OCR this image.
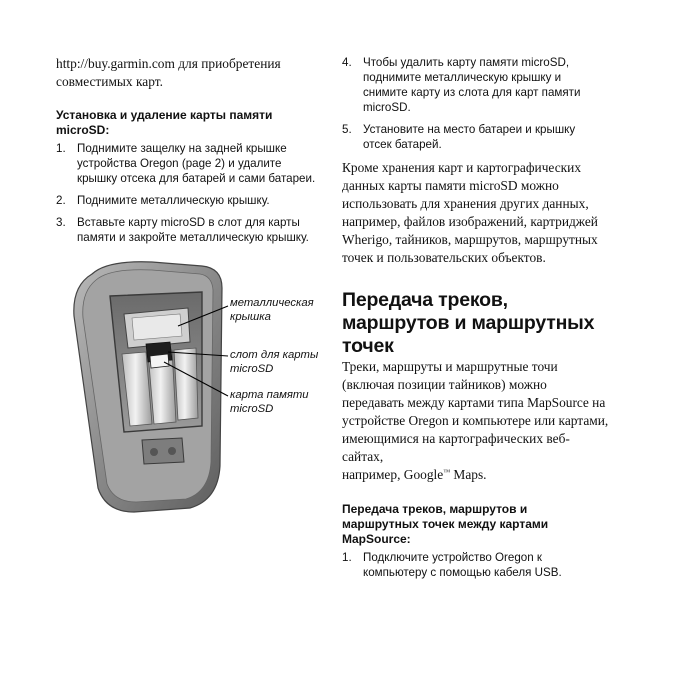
http://buy.garmin.com для приобретения
совместимых карт.

Установка и удаление карты памяти
microSD:

1. Поднимите защелку на задней крышке
устройства Oregon (page 2) и удалите
крышку отсека для батарей и сами батареи.
2. Поднимите металлическую крышку.
3. Вставьте карту microSD в слот для карты
памяти и закройте металлическую крышку.
металлическая
крышка
слот для карты
microSD
карта памяти
microSD
4. Чтобы удалить карту памяти microSD,
поднимите металлическую крышку и
снимите карту из слота для карт памяти
microSD.
5. Установите на место батареи и крышку
отсек батарей.

Кроме хранения карт и картографических
данных карты памяти microSD можно
использовать для хранения других данных,
например, файлов изображений, картриджей
Wherigo, тайников, маршрутов, маршрутных
точек и пользовательских объектов.

Передача треков,
маршрутов и маршрутных
точек

Треки, маршруты и маршрутные точи
(включая позиции тайников) можно
передавать между картами типа MapSource на
устройстве Oregon и компьютере или картами,
имеющимися на картографических веб-сайтах,
например, Google™ Maps.

Передача треков, маршрутов и
маршрутных точек между картами
MapSource:

1. Подключите устройство Oregon к
компьютеру с помощью кабеля USB.
